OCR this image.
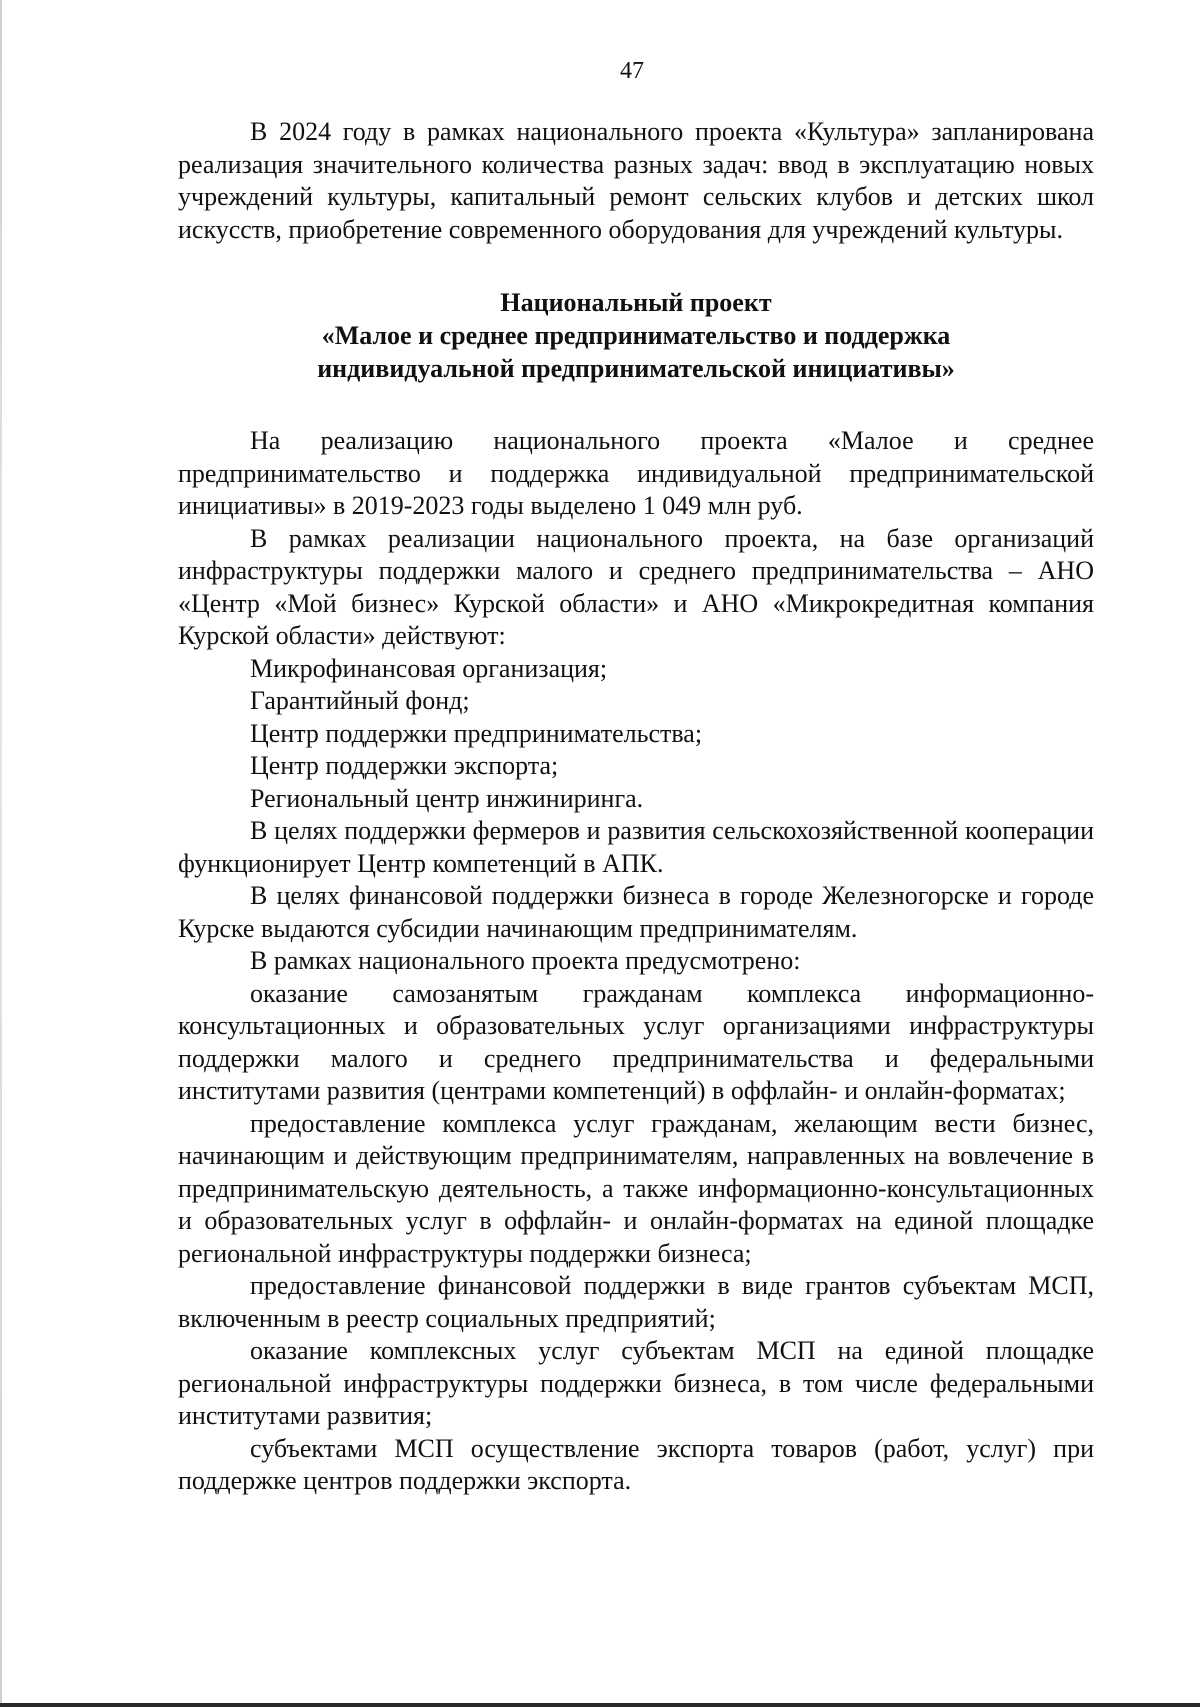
47

В 2024 году в рамках национального проекта «Культура» запланирована реализация значительного количества разных задач: ввод в эксплуатацию новых учреждений культуры, капитальный ремонт сельских клубов и детских школ искусств, приобретение современного оборудования для учреждений культуры.

Национальный проект
«Малое и среднее предпринимательство и поддержка
индивидуальной предпринимательской инициативы»

На реализацию национального проекта «Малое и среднее предпринимательство и поддержка индивидуальной предпринимательской инициативы» в 2019-2023 годы выделено 1 049 млн руб.

В рамках реализации национального проекта, на базе организаций инфраструктуры поддержки малого и среднего предпринимательства – АНО «Центр «Мой бизнес» Курской области» и АНО «Микрокредитная компания Курской области» действуют:

Микрофинансовая организация;

Гарантийный фонд;

Центр поддержки предпринимательства;

Центр поддержки экспорта;

Региональный центр инжиниринга.

В целях поддержки фермеров и развития сельскохозяйственной кооперации функционирует Центр компетенций в АПК.

В целях финансовой поддержки бизнеса в городе Железногорске и городе Курске выдаются субсидии начинающим предпринимателям.

В рамках национального проекта предусмотрено:

оказание самозанятым гражданам комплекса информационно-консультационных и образовательных услуг организациями инфраструктуры поддержки малого и среднего предпринимательства и федеральными институтами развития (центрами компетенций) в оффлайн- и онлайн-форматах;

предоставление комплекса услуг гражданам, желающим вести бизнес, начинающим и действующим предпринимателям, направленных на вовлечение в предпринимательскую деятельность, а также информационно-консультационных и образовательных услуг в оффлайн- и онлайн-форматах на единой площадке региональной инфраструктуры поддержки бизнеса;

предоставление финансовой поддержки в виде грантов субъектам МСП, включенным в реестр социальных предприятий;

оказание комплексных услуг субъектам МСП на единой площадке региональной инфраструктуры поддержки бизнеса, в том числе федеральными институтами развития;

субъектами МСП осуществление экспорта товаров (работ, услуг) при поддержке центров поддержки экспорта.
